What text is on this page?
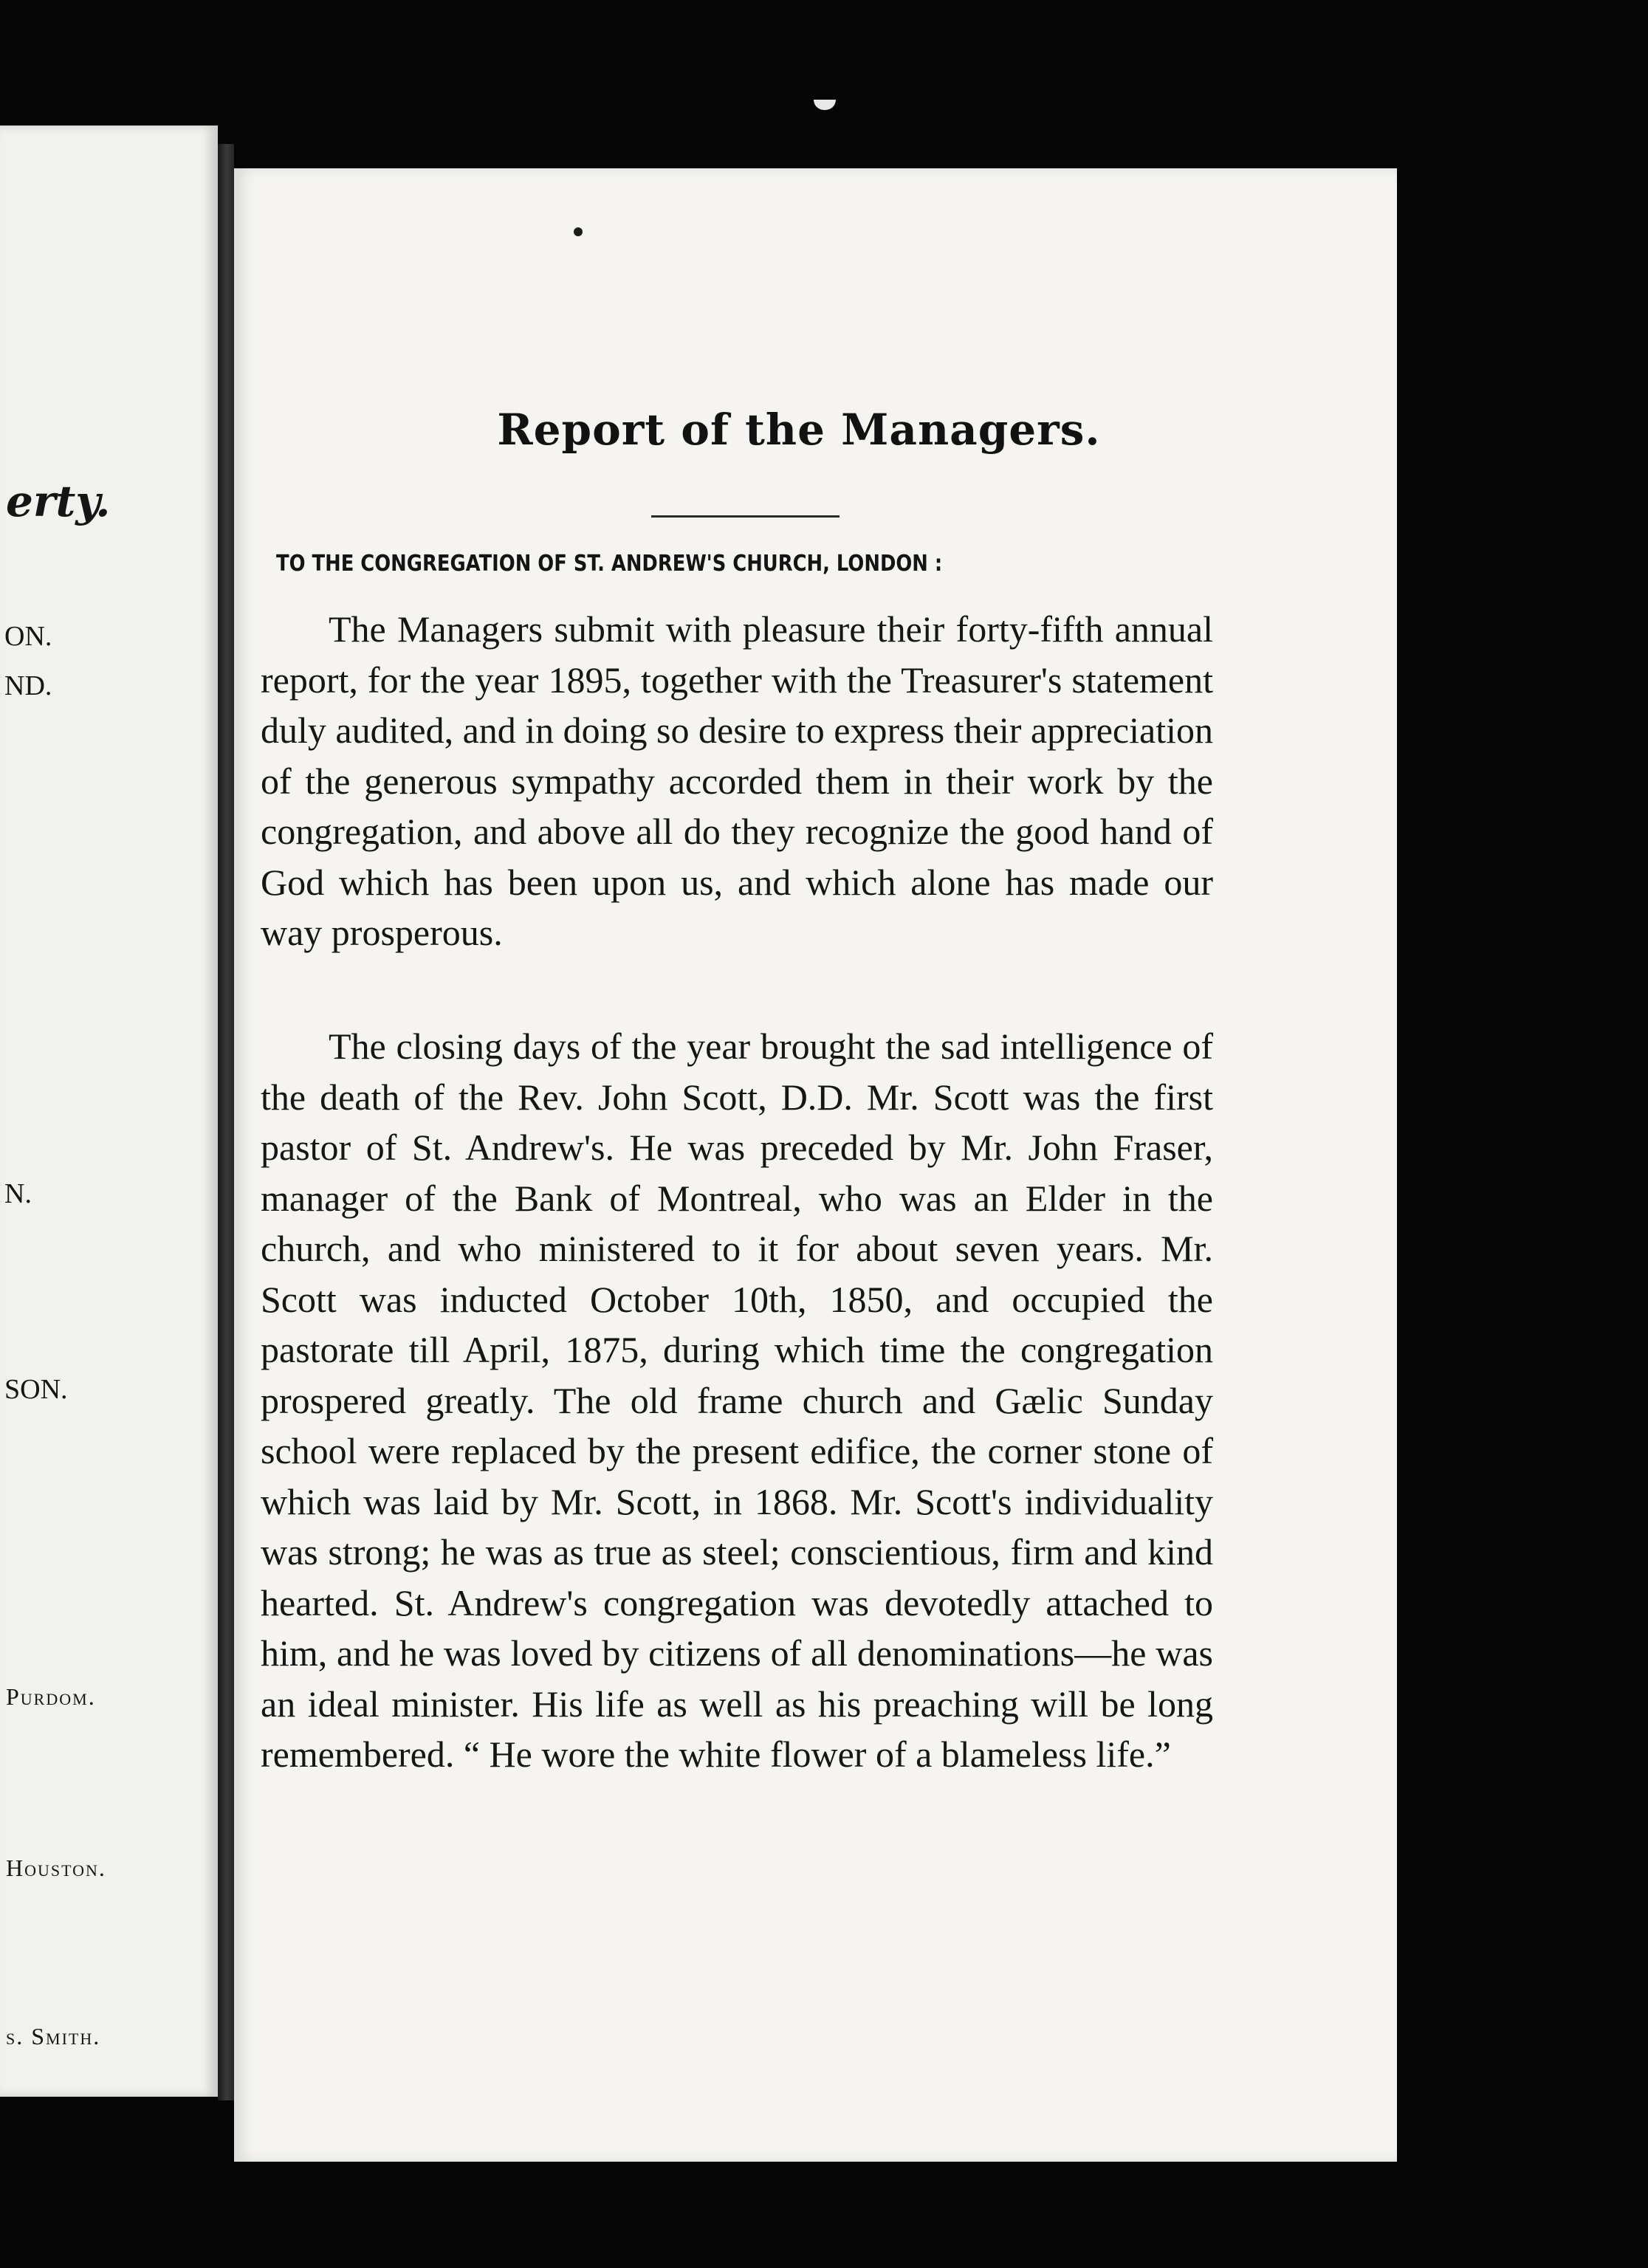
erty.
ON.
ND.
N.
SON.
Purdom.
Houston.
s. Smith.
Report of the Managers.
TO THE CONGREGATION OF ST. ANDREW'S CHURCH, LONDON :

The Managers submit with pleasure their forty-fifth annual report, for the year 1895, together with the Treasurer's statement duly audited, and in doing so desire to express their appreciation of the generous sympathy accorded them in their work by the congregation, and above all do they recognize the good hand of God which has been upon us, and which alone has made our way prosperous.

The closing days of the year brought the sad intelligence of the death of the Rev. John Scott, D.D. Mr. Scott was the first pastor of St. Andrew's. He was preceded by Mr. John Fraser, manager of the Bank of Montreal, who was an Elder in the church, and who ministered to it for about seven years. Mr. Scott was inducted October 10th, 1850, and occupied the pastorate till April, 1875, during which time the congregation prospered greatly. The old frame church and Gælic Sunday school were replaced by the present edifice, the corner stone of which was laid by Mr. Scott, in 1868. Mr. Scott's individuality was strong; he was as true as steel; conscientious, firm and kind hearted. St. Andrew's congregation was devotedly attached to him, and he was loved by citizens of all denominations—he was an ideal minister. His life as well as his preaching will be long remembered. “ He wore the white flower of a blameless life.”
